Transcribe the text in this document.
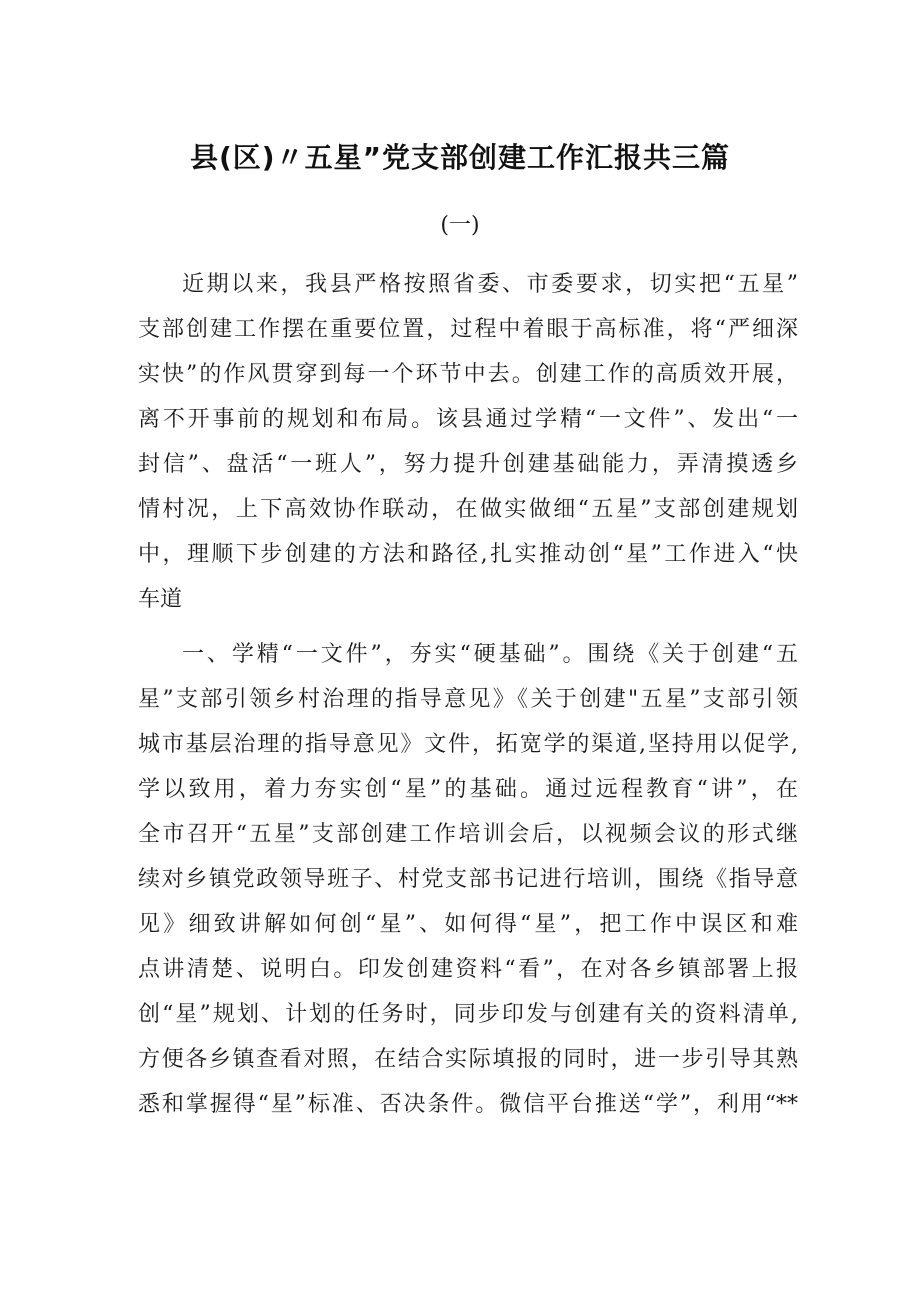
县(区)〃五星”党支部创建工作汇报共三篇
(一)
近期以来，我县严格按照省委、市委要求，切实把“五星”
支部创建工作摆在重要位置，过程中着眼于高标准，将“严细深
实快”的作风贯穿到每一个环节中去。创建工作的高质效开展，
离不开事前的规划和布局。该县通过学精“一文件”、发出“一
封信”、盘活“一班人”，努力提升创建基础能力，弄清摸透乡
情村况，上下高效协作联动，在做实做细“五星”支部创建规划
中，理顺下步创建的方法和路径,扎实推动创“星”工作进入“快
车道
一、学精“一文件”，夯实“硬基础”。围绕《关于创建“五
星”支部引领乡村治理的指导意见》《关于创建"五星”支部引领
城市基层治理的指导意见》文件，拓宽学的渠道,坚持用以促学,
学以致用，着力夯实创“星”的基础。通过远程教育“讲”，在
全市召开“五星”支部创建工作培训会后，以视频会议的形式继
续对乡镇党政领导班子、村党支部书记进行培训，围绕《指导意
见》细致讲解如何创“星”、如何得“星”，把工作中误区和难
点讲清楚、说明白。印发创建资料“看”，在对各乡镇部署上报
创“星”规划、计划的任务时，同步印发与创建有关的资料清单,
方便各乡镇查看对照，在结合实际填报的同时，进一步引导其熟
悉和掌握得“星”标准、否决条件。微信平台推送“学”，利用“**
